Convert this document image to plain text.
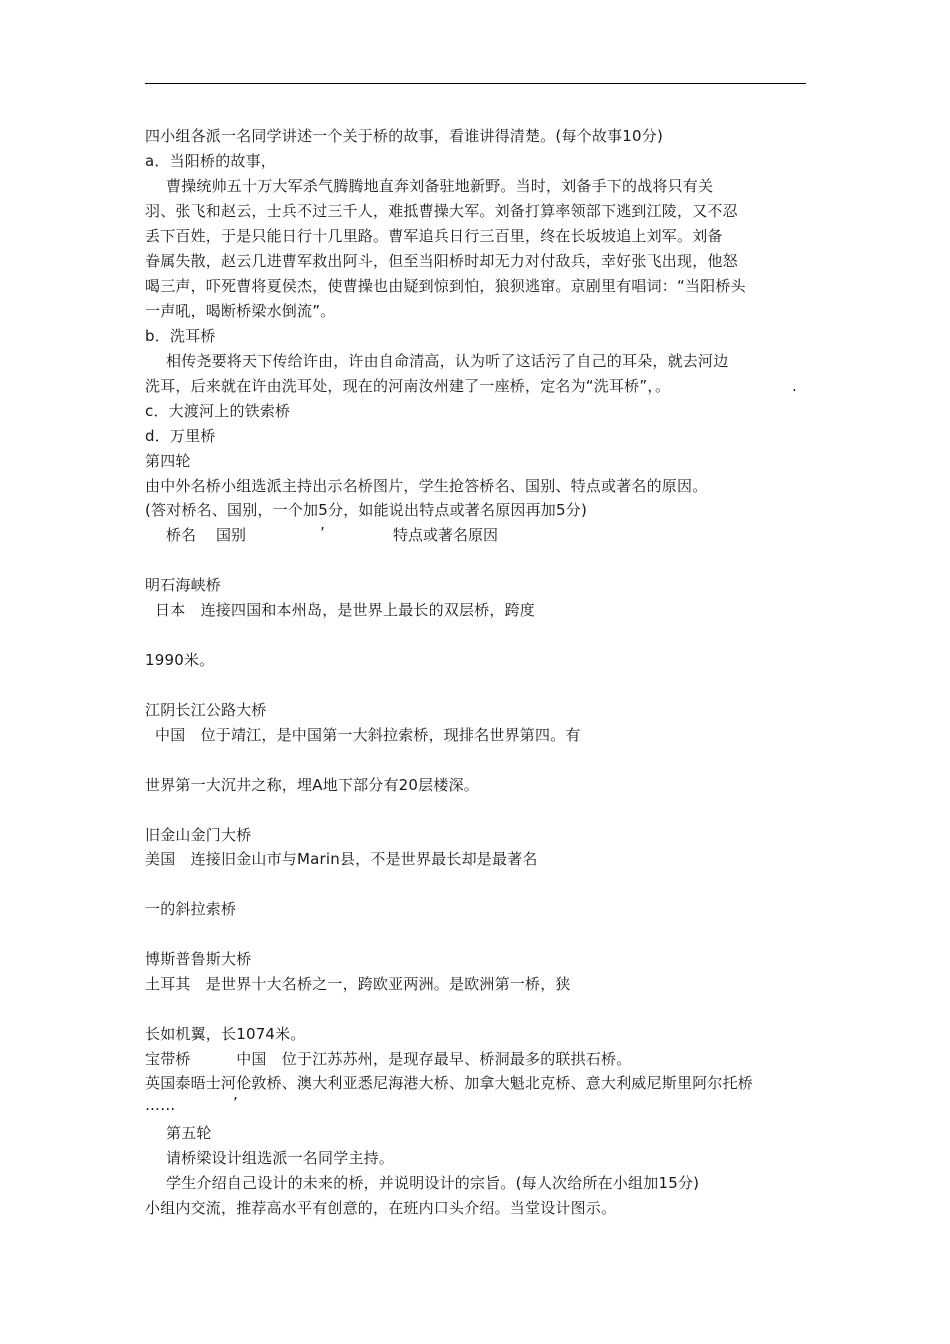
四小组各派一名同学讲述一个关于桥的故事，看谁讲得清楚。(每个故事10分)
a．当阳桥的故事，
曹操统帅五十万大军杀气腾腾地直奔刘备驻地新野。当时，刘备手下的战将只有关
羽、张飞和赵云，士兵不过三千人，难抵曹操大军。刘备打算率领部下逃到江陵，又不忍
丢下百姓，于是只能日行十几里路。曹军追兵日行三百里，终在长坂坡追上刘军。刘备
眷属失散，赵云几进曹军救出阿斗，但至当阳桥时却无力对付敌兵，幸好张飞出现，他怒
喝三声，吓死曹将夏侯杰，使曹操也由疑到惊到怕，狼狈逃窜。京剧里有唱词：“当阳桥头
一声吼，喝断桥梁水倒流”。
b．洗耳桥
相传尧要将天下传给许由，许由自命清高，认为听了这话污了自己的耳朵，就去河边
洗耳，后来就在许由洗耳处，现在的河南汝州建了一座桥，定名为“洗耳桥”，。
c．大渡河上的铁索桥
d．万里桥
第四轮
由中外名桥小组选派主持出示名桥图片，学生抢答桥名、国别、特点或著名的原因。
(答对桥名、国别，一个加5分，如能说出特点或著名原因再加5分)
明石海峡桥
日本　连接四国和本州岛，是世界上最长的双层桥，跨度
1990米。
江阴长江公路大桥
中国　位于靖江，是中国第一大斜拉索桥，现排名世界第四。有
世界第一大沉井之称，埋A地下部分有20层楼深。
旧金山金门大桥
美国　连接旧金山市与Marin县，不是世界最长却是最著名
一的斜拉索桥
博斯普鲁斯大桥
土耳其　是世界十大名桥之一，跨欧亚两洲。是欧洲第一桥，狭
长如机翼，长1074米。
宝带桥　　　中国　位于江苏苏州，是现存最早、桥洞最多的联拱石桥。
英国泰晤士河伦敦桥、澳大利亚悉尼海港大桥、加拿大魁北克桥、意大利威尼斯里阿尔托桥
……
第五轮
请桥梁设计组选派一名同学主持。
学生介绍自己设计的未来的桥，并说明设计的宗旨。(每人次给所在小组加15分)
小组内交流，推荐高水平有创意的，在班内口头介绍。当堂设计图示。
桥名 国别	’	特点或著名原因
.
’
